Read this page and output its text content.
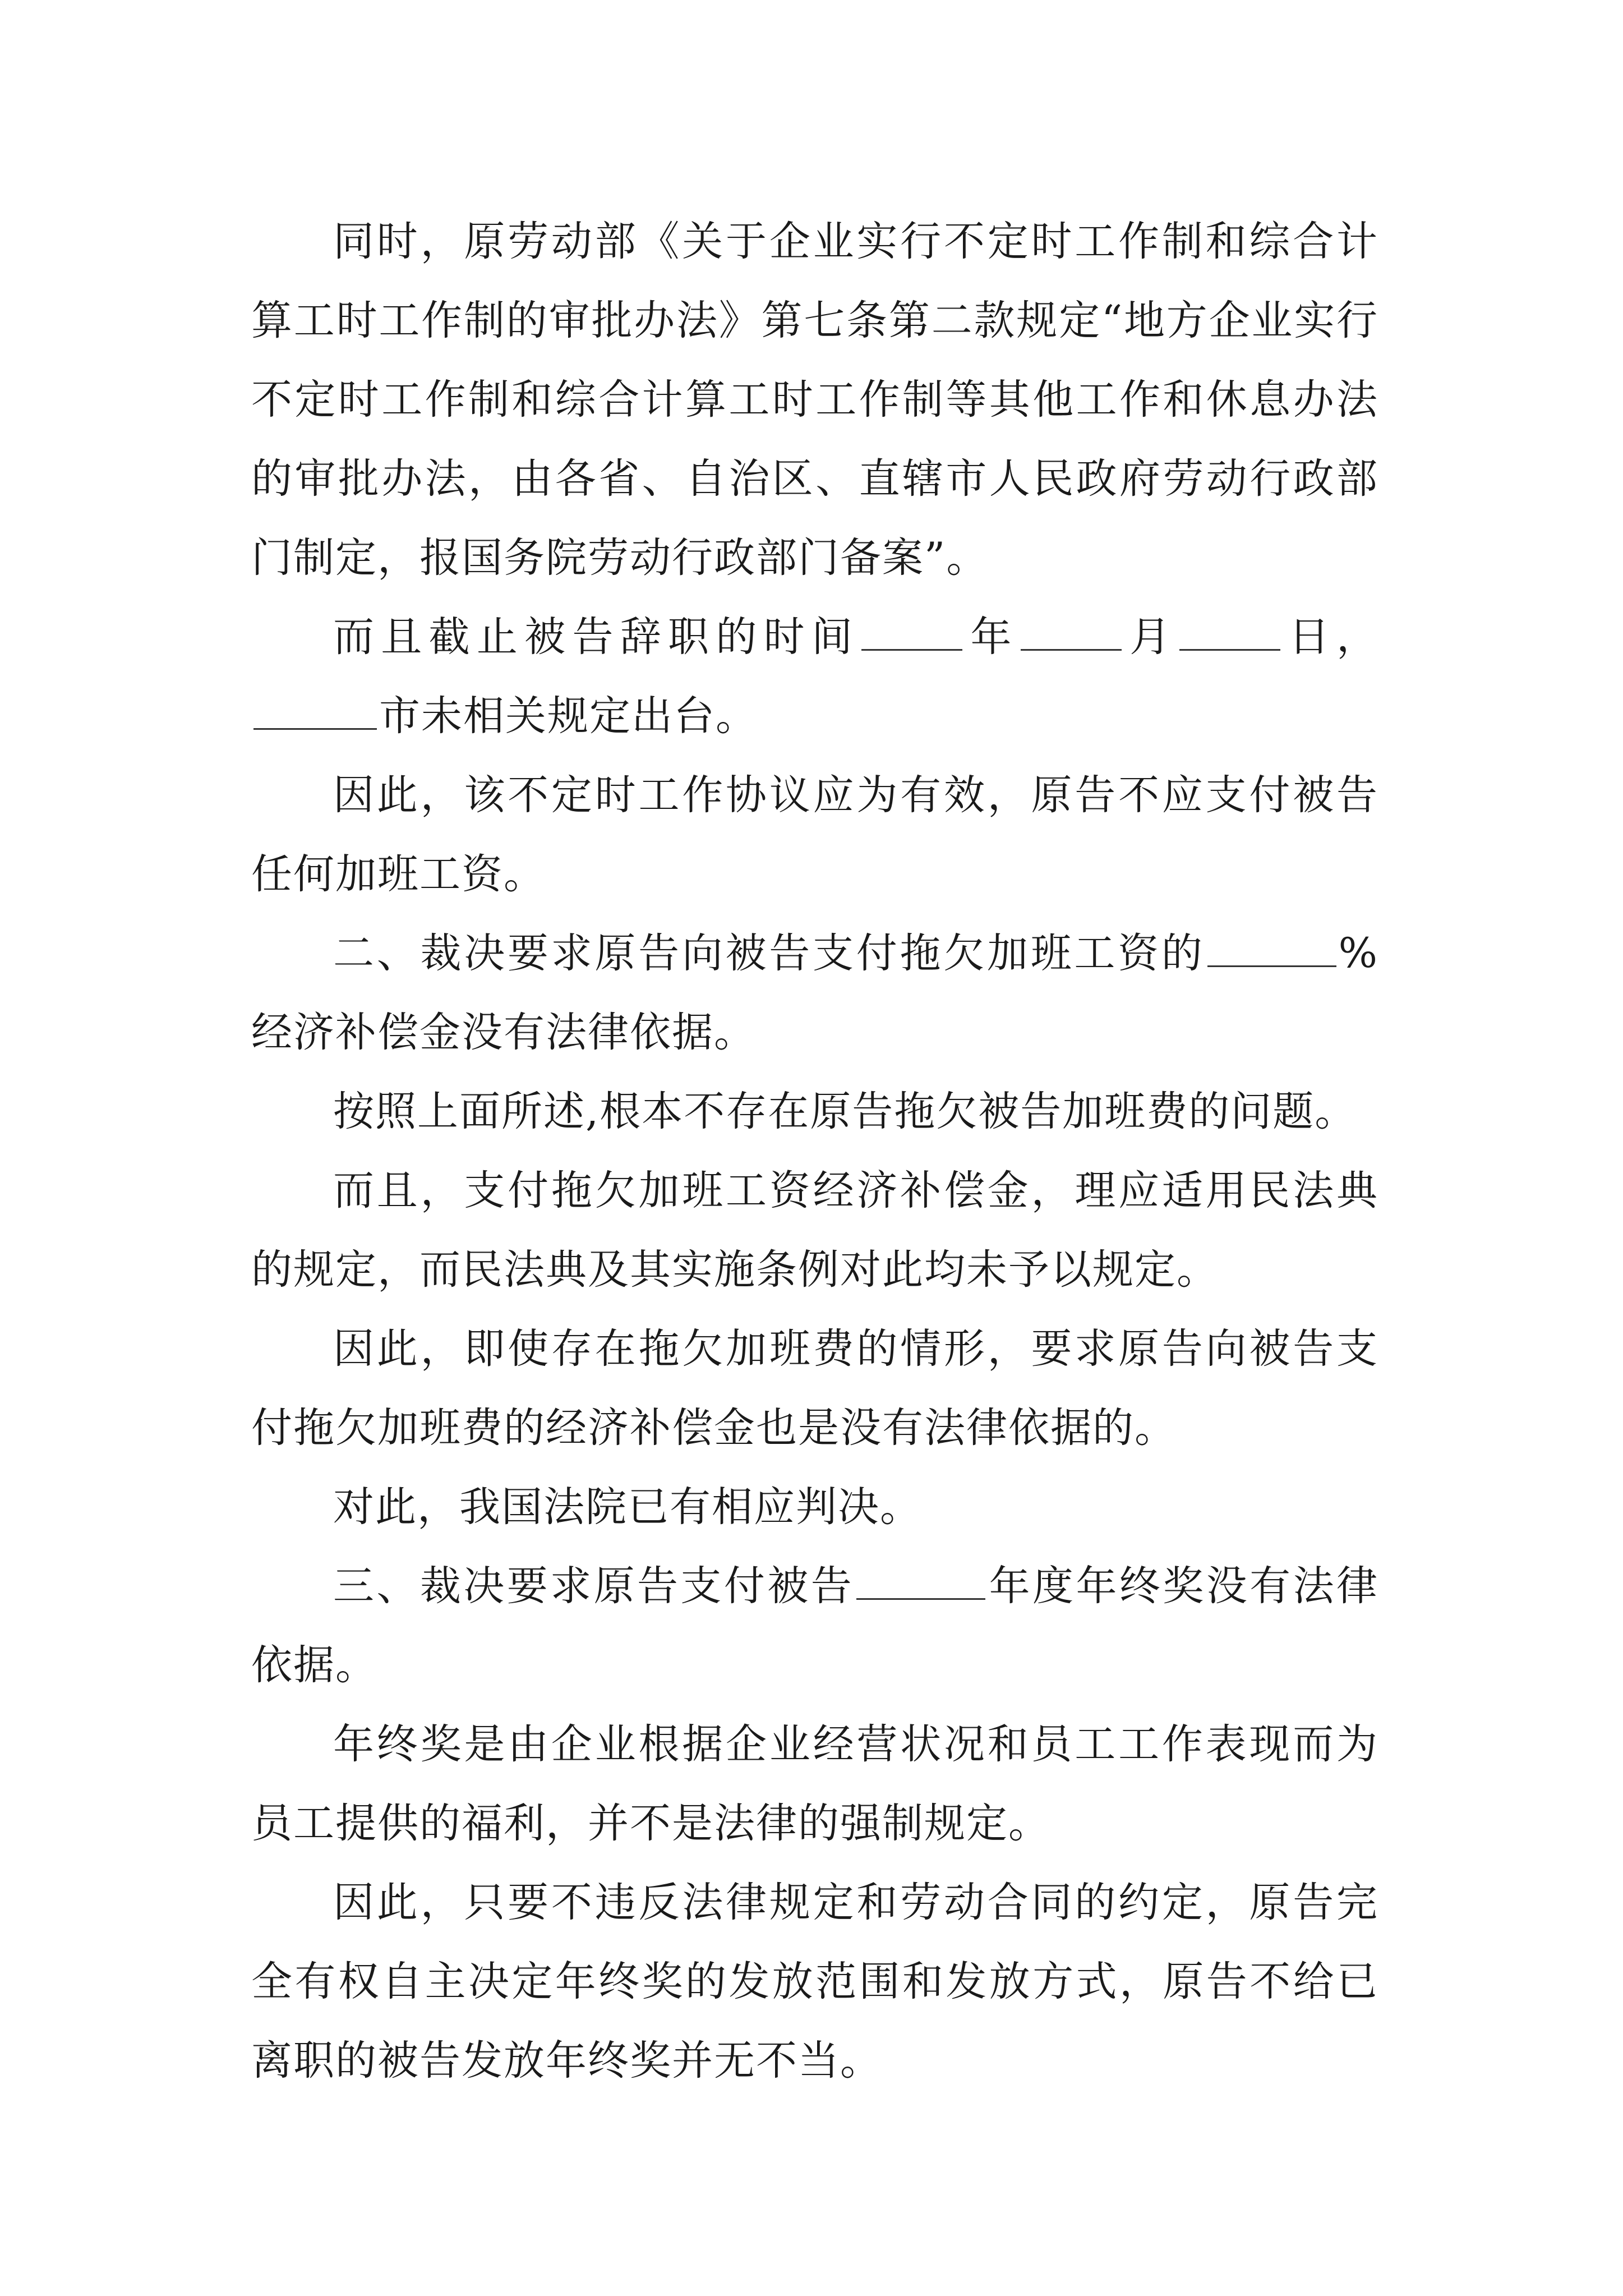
同时，原劳动部《关于企业实行不定时工作制和综合计算工时工作制的审批办法》第七条第二款规定“地方企业实行不定时工作制和综合计算工时工作制等其他工作和休息办法的审批办法，由各省、自治区、直辖市人民政府劳动行政部门制定，报国务院劳动行政部门备案”。

而且截止被告辞职的时间	年	月	日，市未相关规定出台。

因此，该不定时工作协议应为有效，原告不应支付被告任何加班工资。

二、裁决要求原告向被告支付拖欠加班工资的	%经济补偿金没有法律依据。

按照上面所述,根本不存在原告拖欠被告加班费的问题。

而且，支付拖欠加班工资经济补偿金，理应适用民法典的规定，而民法典及其实施条例对此均未予以规定。

因此，即使存在拖欠加班费的情形，要求原告向被告支付拖欠加班费的经济补偿金也是没有法律依据的。

对此，我国法院已有相应判决。

三、裁决要求原告支付被告	年度年终奖没有法律依据。

年终奖是由企业根据企业经营状况和员工工作表现而为员工提供的福利，并不是法律的强制规定。

因此，只要不违反法律规定和劳动合同的约定，原告完全有权自主决定年终奖的发放范围和发放方式，原告不给已离职的被告发放年终奖并无不当。
